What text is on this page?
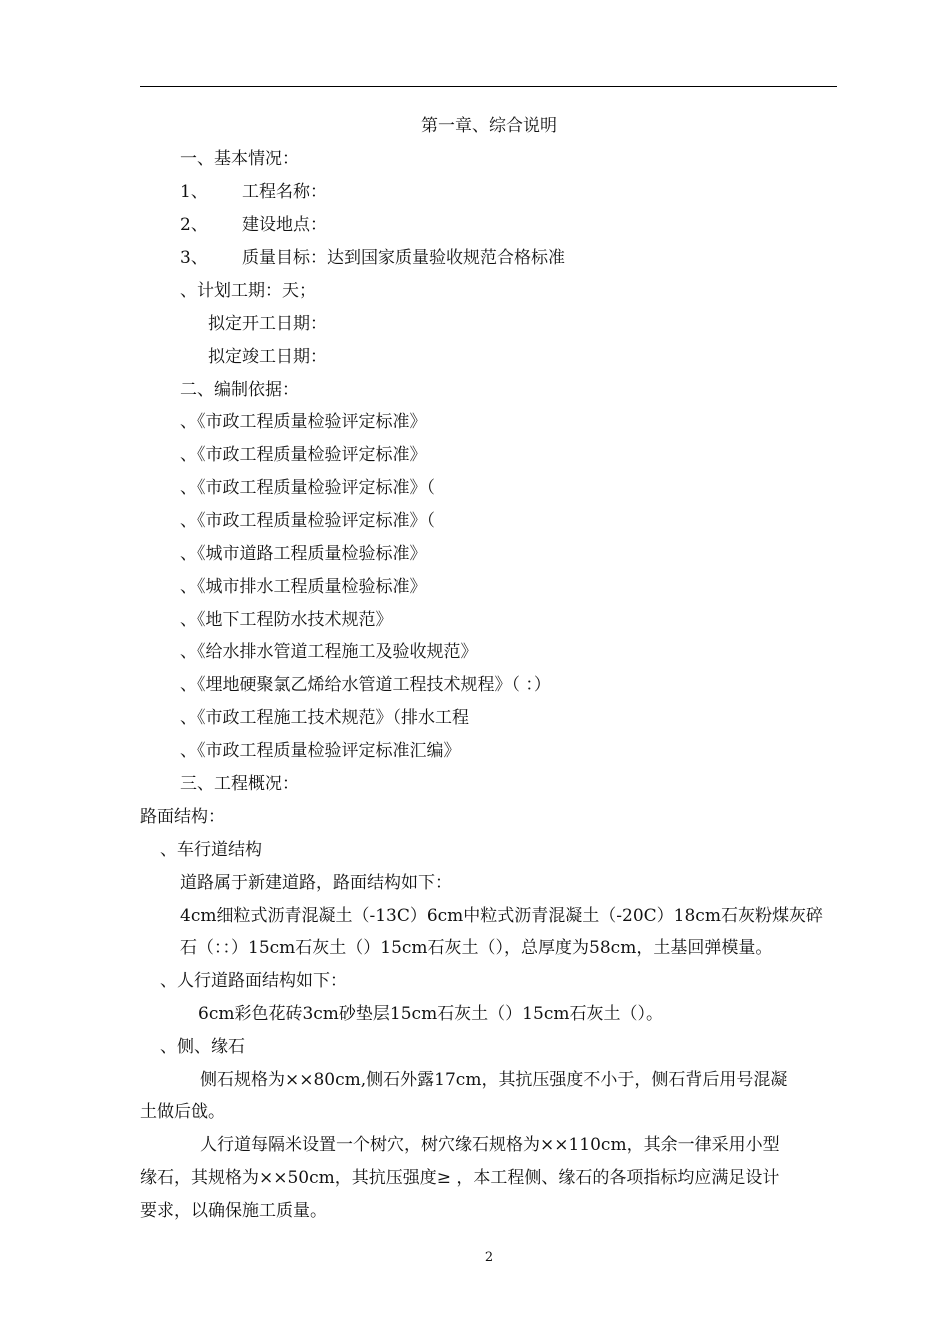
第一章、综合说明
一、基本情况：
1、 工程名称：
2、 建设地点：
3、 质量目标：达到国家质量验收规范合格标准
、计划工期：天；
拟定开工日期：
拟定竣工日期：
二、编制依据：
、《市政工程质量检验评定标准》
、《市政工程质量检验评定标准》
、《市政工程质量检验评定标准》（
、《市政工程质量检验评定标准》（
、《城市道路工程质量检验标准》
、《城市排水工程质量检验标准》
、《地下工程防水技术规范》
、《给水排水管道工程施工及验收规范》
、《埋地硬聚氯乙烯给水管道工程技术规程》（ ：）
、《市政工程施工技术规范》（排水工程
、《市政工程质量检验评定标准汇编》
三、工程概况：
路面结构：
、车行道结构
道路属于新建道路，路面结构如下：
4cm细粒式沥青混凝土（-13C）6cm中粒式沥青混凝土（-20C）18cm石灰粉煤灰碎
石（：：）15cm石灰土（）15cm石灰土（），总厚度为58cm，土基回弹模量。
、人行道路面结构如下：
6cm彩色花砖3cm砂垫层15cm石灰土（）15cm石灰土（）。
、侧、缘石
侧石规格为××80cm,侧石外露17cm，其抗压强度不小于，侧石背后用号混凝
土做后戗。
人行道每隔米设置一个树穴，树穴缘石规格为××110cm，其余一律采用小型
缘石，其规格为××50cm，其抗压强度≥ ，本工程侧、缘石的各项指标均应满足设计
要求，以确保施工质量。
2
